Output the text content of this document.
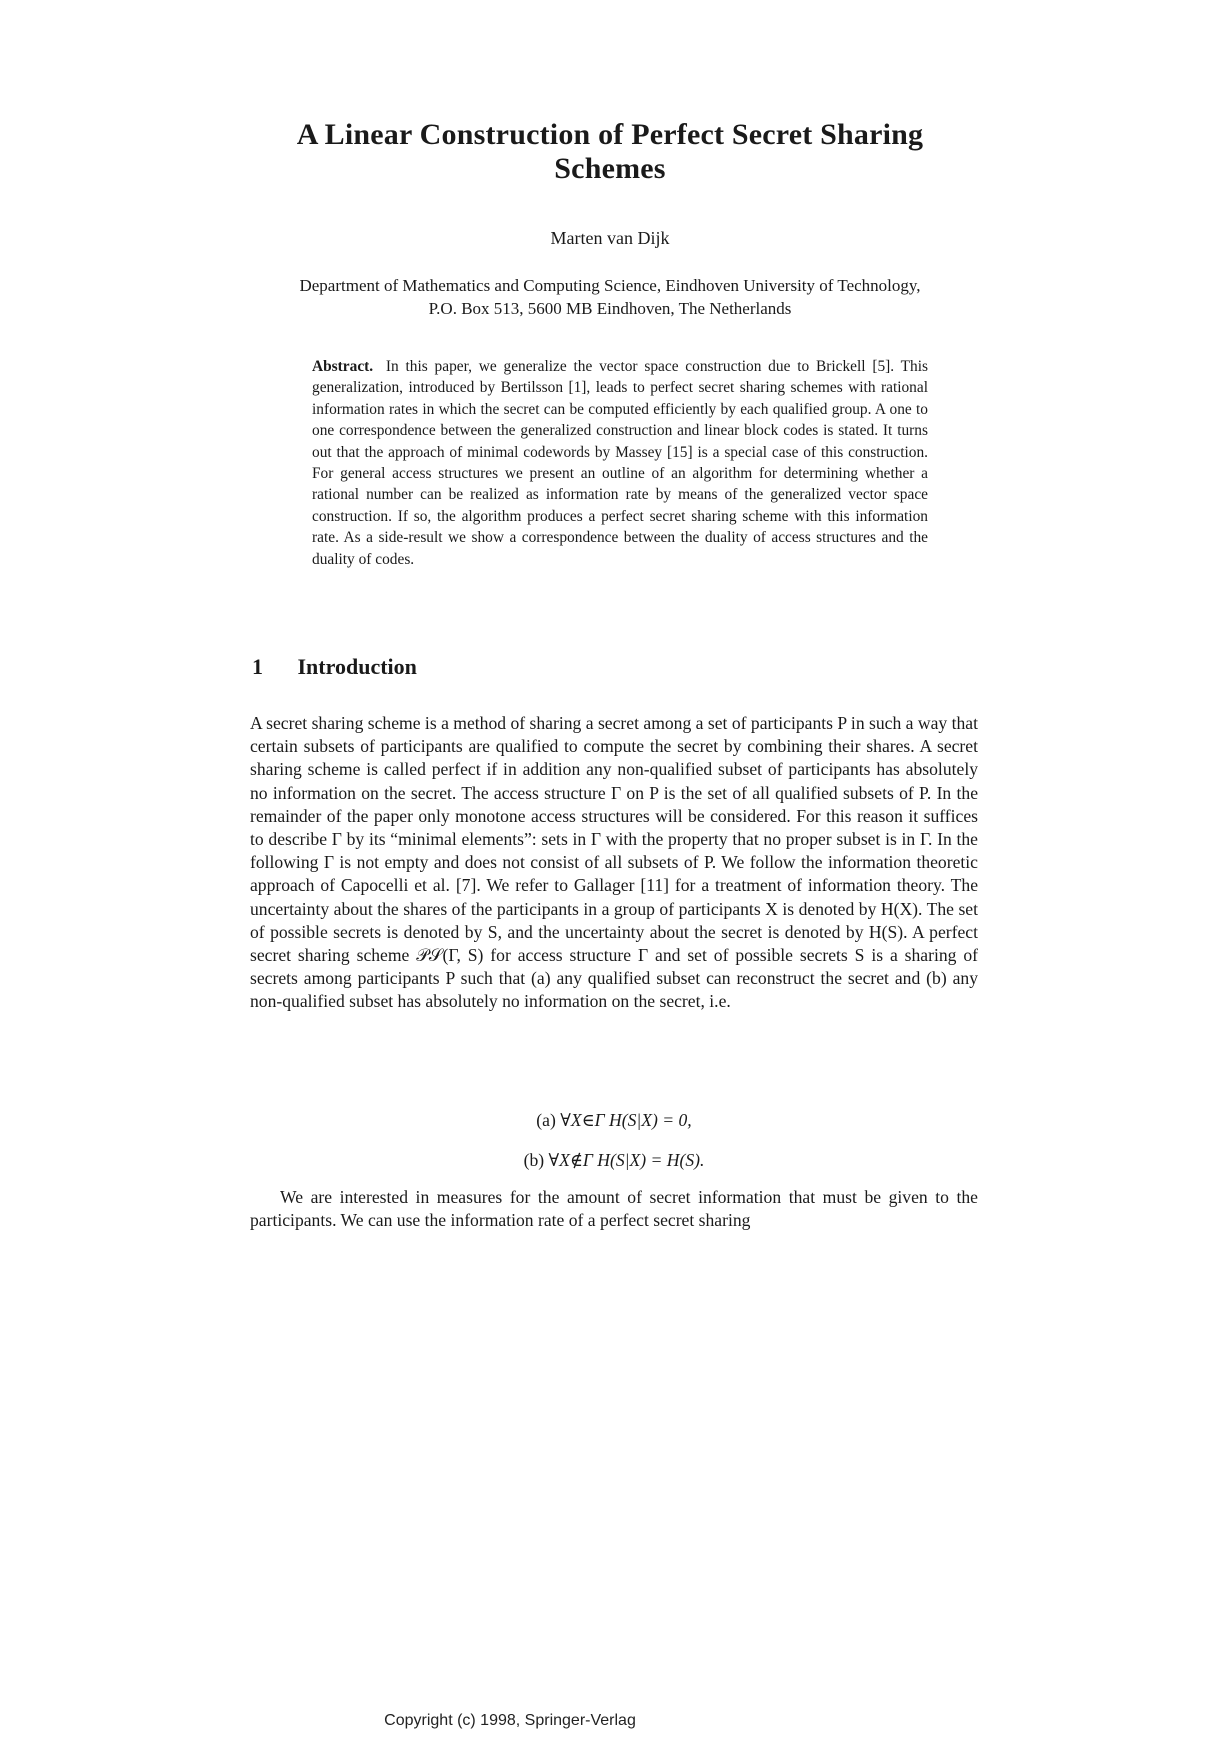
A Linear Construction of Perfect Secret Sharing Schemes
Marten van Dijk
Department of Mathematics and Computing Science, Eindhoven University of Technology, P.O. Box 513, 5600 MB Eindhoven, The Netherlands
Abstract. In this paper, we generalize the vector space construction due to Brickell [5]. This generalization, introduced by Bertilsson [1], leads to perfect secret sharing schemes with rational information rates in which the secret can be computed efficiently by each qualified group. A one to one correspondence between the generalized construction and linear block codes is stated. It turns out that the approach of minimal codewords by Massey [15] is a special case of this construction. For general access structures we present an outline of an algorithm for determining whether a rational number can be realized as information rate by means of the generalized vector space construction. If so, the algorithm produces a perfect secret sharing scheme with this information rate. As a side-result we show a correspondence between the duality of access structures and the duality of codes.
1 Introduction
A secret sharing scheme is a method of sharing a secret among a set of participants P in such a way that certain subsets of participants are qualified to compute the secret by combining their shares. A secret sharing scheme is called perfect if in addition any non-qualified subset of participants has absolutely no information on the secret. The access structure Γ on P is the set of all qualified subsets of P. In the remainder of the paper only monotone access structures will be considered. For this reason it suffices to describe Γ by its “minimal elements”: sets in Γ with the property that no proper subset is in Γ. In the following Γ is not empty and does not consist of all subsets of P. We follow the information theoretic approach of Capocelli et al. [7]. We refer to Gallager [11] for a treatment of information theory. The uncertainty about the shares of the participants in a group of participants X is denoted by H(X). The set of possible secrets is denoted by S, and the uncertainty about the secret is denoted by H(S). A perfect secret sharing scheme 𝒫𝒮(Γ, S) for access structure Γ and set of possible secrets S is a sharing of secrets among participants P such that (a) any qualified subset can reconstruct the secret and (b) any non-qualified subset has absolutely no information on the secret, i.e.
(a) ∀X∈Γ H(S|X) = 0,
(b) ∀X∉Γ H(S|X) = H(S).
We are interested in measures for the amount of secret information that must be given to the participants. We can use the information rate of a perfect secret sharing
Copyright (c) 1998, Springer-Verlag
